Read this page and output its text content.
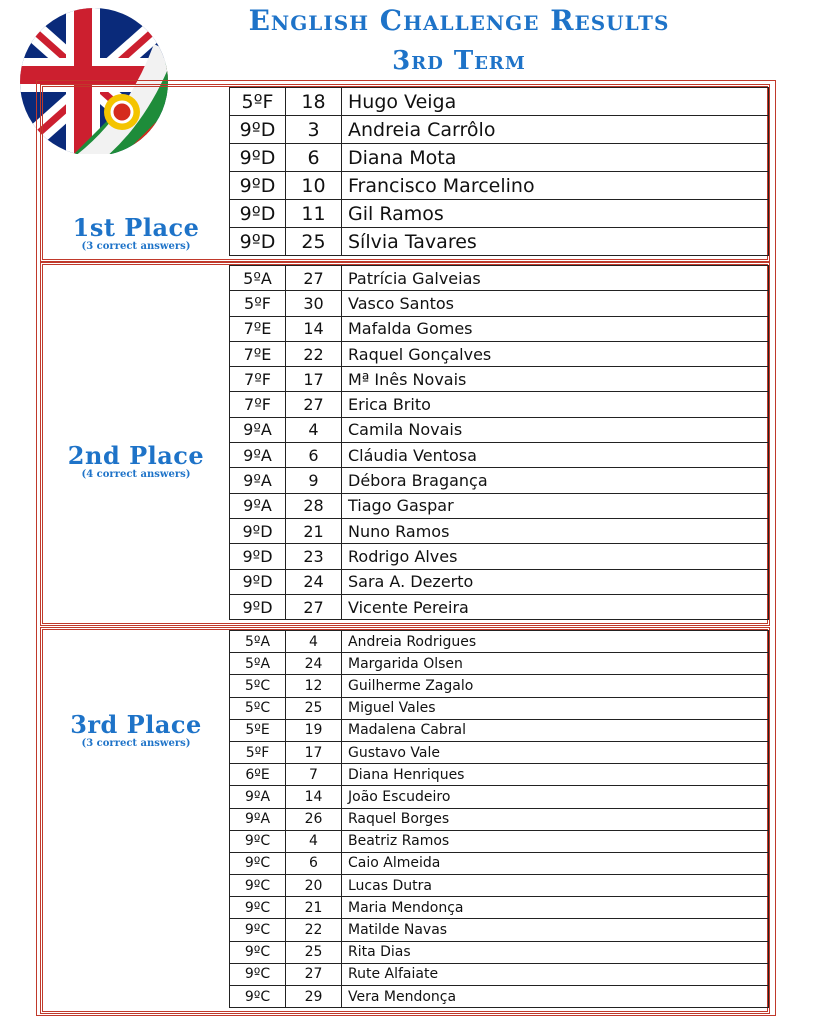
English Challenge Results
3rd Term
1st Place
(3 correct answers)
5ºF	18	Hugo Veiga
9ºD	3	Andreia Carrôlo
9ºD	6	Diana Mota
9ºD	10	Francisco Marcelino
9ºD	11	Gil Ramos
9ºD	25	Sílvia Tavares
2nd Place
(4 correct answers)
5ºA	27	Patrícia Galveias
5ºF	30	Vasco Santos
7ºE	14	Mafalda Gomes
7ºE	22	Raquel Gonçalves
7ºF	17	Mª Inês Novais
7ºF	27	Erica Brito
9ºA	4	Camila Novais
9ºA	6	Cláudia Ventosa
9ºA	9	Débora Bragança
9ºA	28	Tiago Gaspar
9ºD	21	Nuno Ramos
9ºD	23	Rodrigo Alves
9ºD	24	Sara A. Dezerto
9ºD	27	Vicente Pereira
3rd Place
(3 correct answers)
5ºA	4	Andreia Rodrigues
5ºA	24	Margarida Olsen
5ºC	12	Guilherme Zagalo
5ºC	25	Miguel Vales
5ºE	19	Madalena Cabral
5ºF	17	Gustavo Vale
6ºE	7	Diana Henriques
9ºA	14	João Escudeiro
9ºA	26	Raquel Borges
9ºC	4	Beatriz Ramos
9ºC	6	Caio Almeida
9ºC	20	Lucas Dutra
9ºC	21	Maria Mendonça
9ºC	22	Matilde Navas
9ºC	25	Rita Dias
9ºC	27	Rute Alfaiate
9ºC	29	Vera Mendonça
